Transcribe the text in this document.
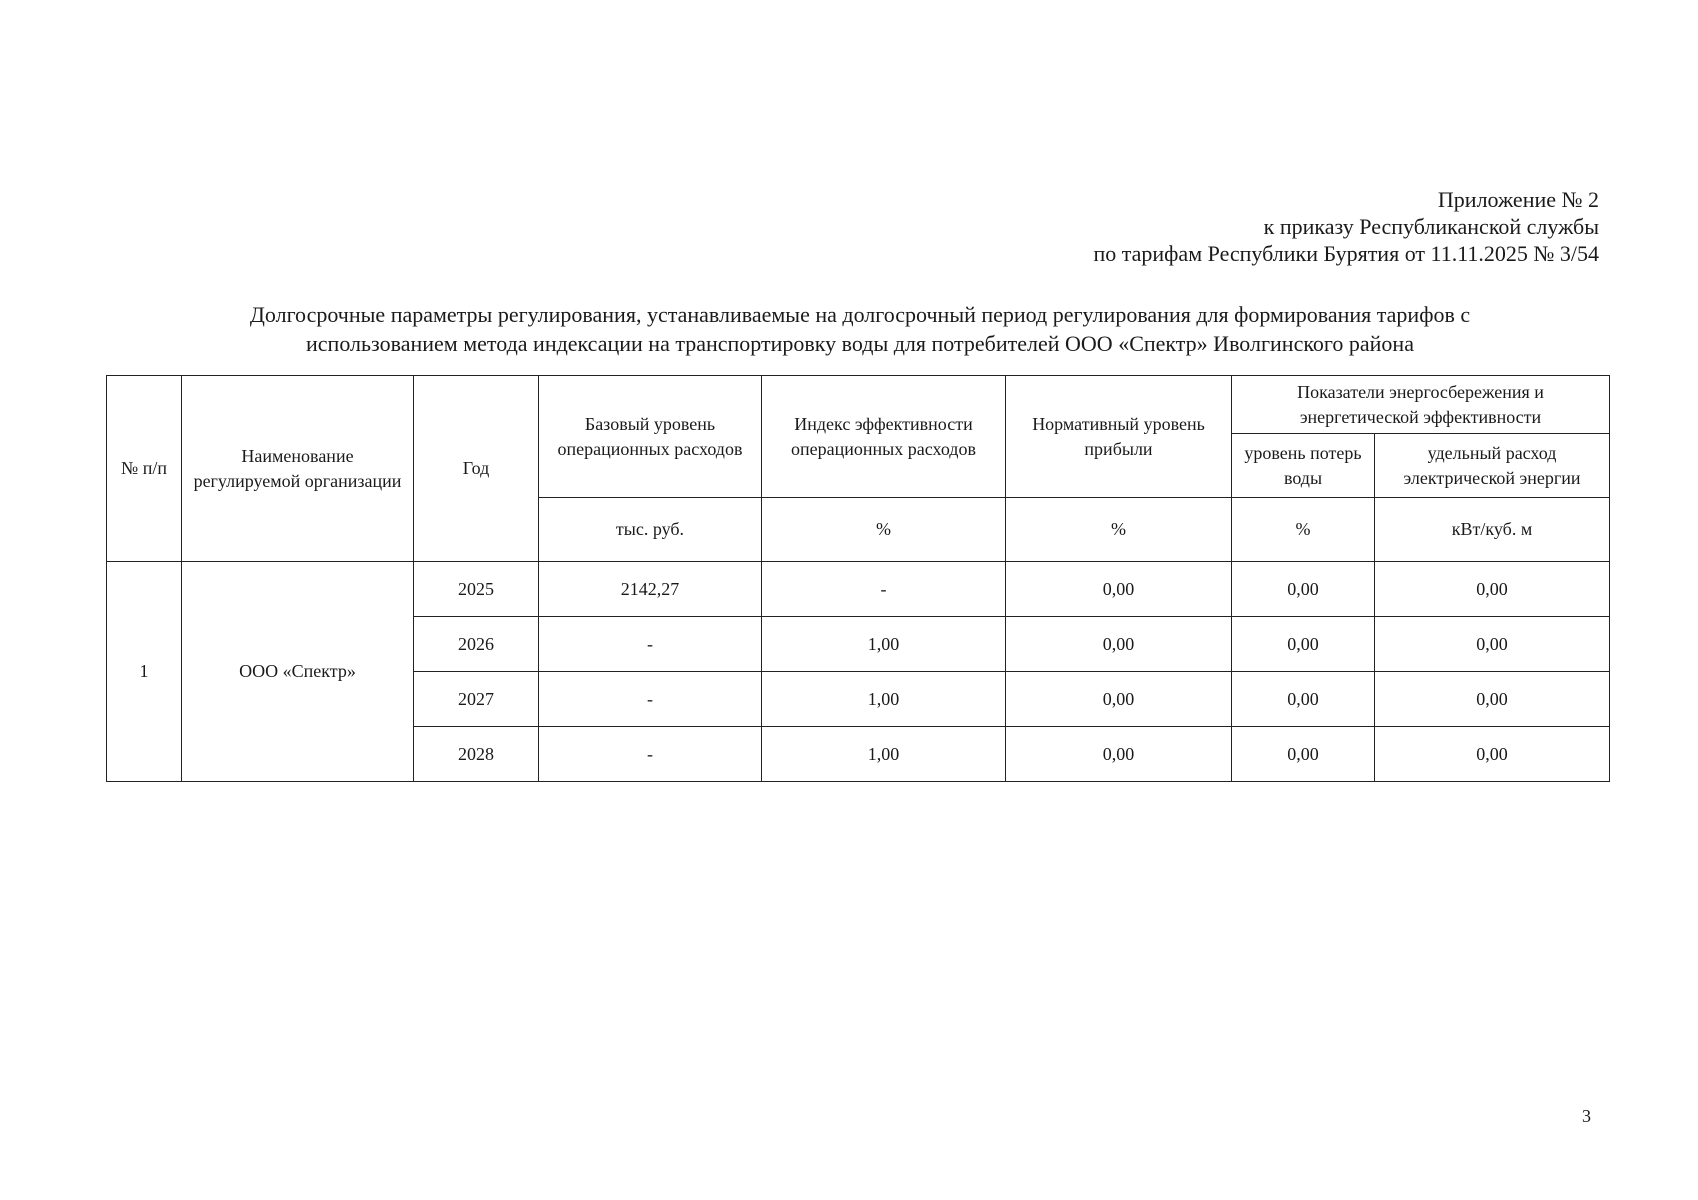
Приложение № 2
к приказу Республиканской службы
по тарифам Республики Бурятия от 11.11.2025 № 3/54
Долгосрочные параметры регулирования, устанавливаемые на долгосрочный период регулирования для формирования тарифов с
использованием метода индексации на транспортировку воды для потребителей ООО «Спектр» Иволгинского района
№ п/п	Наименование регулируемой организации	Год	Базовый уровень операционных расходов	Индекс эффективности операционных расходов	Нормативный уровень прибыли	Показатели энергосбережения и энергетической эффективности	
						уровень потерь воды	удельный расход электрической энергии
			тыс. руб.	%	%	%	кВт/куб. м
1	ООО «Спектр»	2025	2142,27	-	0,00	0,00	0,00
		2026	-	1,00	0,00	0,00	0,00
		2027	-	1,00	0,00	0,00	0,00
		2028	-	1,00	0,00	0,00	0,00
3
